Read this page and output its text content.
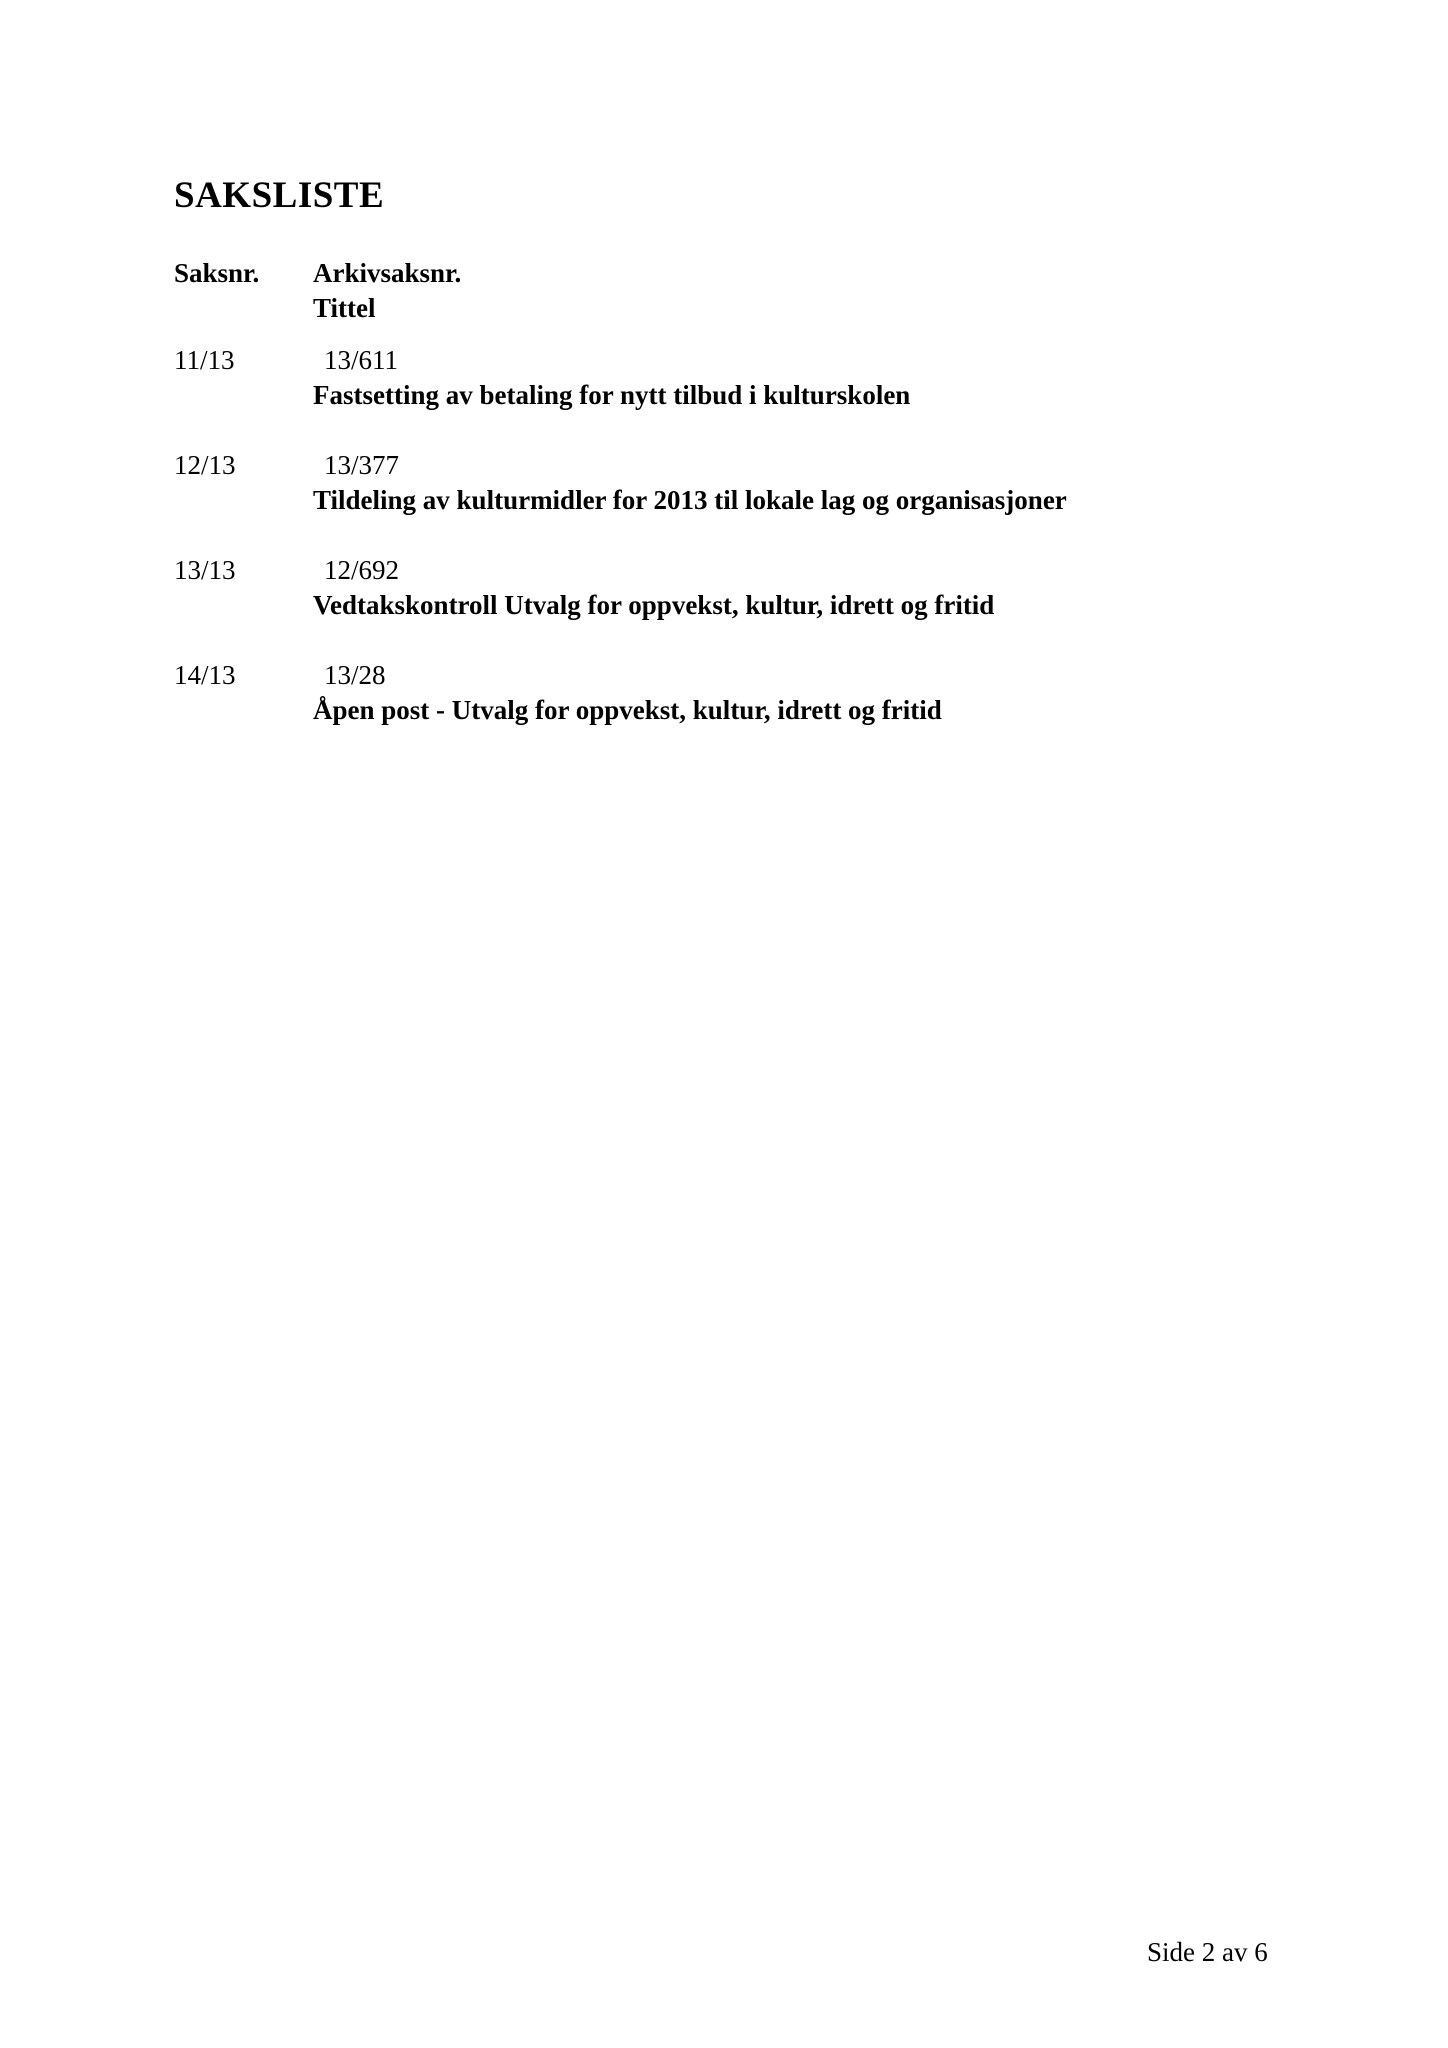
SAKSLISTE
Saksnr. Arkivsaksnr.
Tittel
11/13	13/611
Fastsetting av betaling for nytt tilbud i kulturskolen
12/13	13/377
Tildeling av kulturmidler for 2013 til lokale lag og organisasjoner
13/13	12/692
Vedtakskontroll Utvalg for oppvekst, kultur, idrett og fritid
14/13	13/28
Åpen post - Utvalg for oppvekst, kultur, idrett og fritid
Side 2 av 6
